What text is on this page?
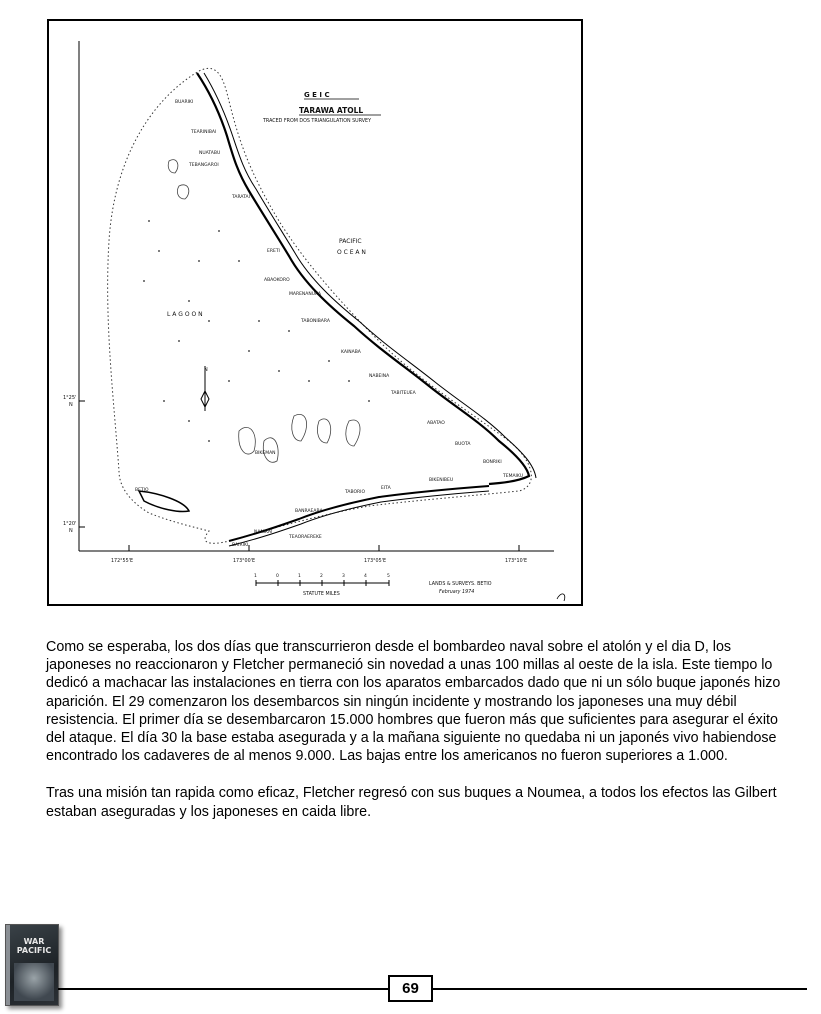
N
G E I C
TARAWA ATOLL
TRACED FROM DOS TRIANGULATION SURVEY
PACIFIC
O C E A N
L A G O O N
BUARIKI
TEARINIBAI
NUATABU
TEBANGAROI
TARATAI
ERETI
ABAOKORO
MARENANUKA
TABONIBARA
KAINABA
NABEINA
TABITEUEA
ABATAO
BUOTA
BONRIKI
TEMAIKU
BIKENIBEU
TABORIO
EITA
BANRAEABA
NANIKAI
TEAORAEREKE
BAIRIKI
BETIO
BIKEMAN
1°25'
N
1°20'
N
172°55'E	173°00'E	173°05'E	173°10'E
1	0	1	2	3	4	5
STATUTE MILES
LANDS & SURVEYS. BETIO
February 1974

Como se esperaba, los dos días que transcurrieron desde el bombardeo naval sobre el atolón y el dia D, los japoneses no reaccionaron y Fletcher permaneció sin novedad a unas 100 millas al oeste de la isla. Este tiempo lo dedicó a machacar las instalaciones en tierra con los aparatos embarcados dado que ni un sólo buque japonés hizo aparición. El 29 comenzaron los desembarcos sin ningún incidente y mostrando los japoneses una muy débil resistencia. El primer día se desembarcaron 15.000 hombres que fueron más que suficientes para asegurar el éxito del ataque. El día 30 la base estaba asegurada y a la mañana siguiente no quedaba ni un japonés vivo habiendose encontrado los cadaveres de al menos 9.000. Las bajas entre los americanos no fueron superiores a 1.000.

Tras una misión tan rapida como eficaz, Fletcher regresó con sus buques a Noumea, a todos los efectos las Gilbert estaban aseguradas y los japoneses en caida libre.

WAR
PACIFIC
69
